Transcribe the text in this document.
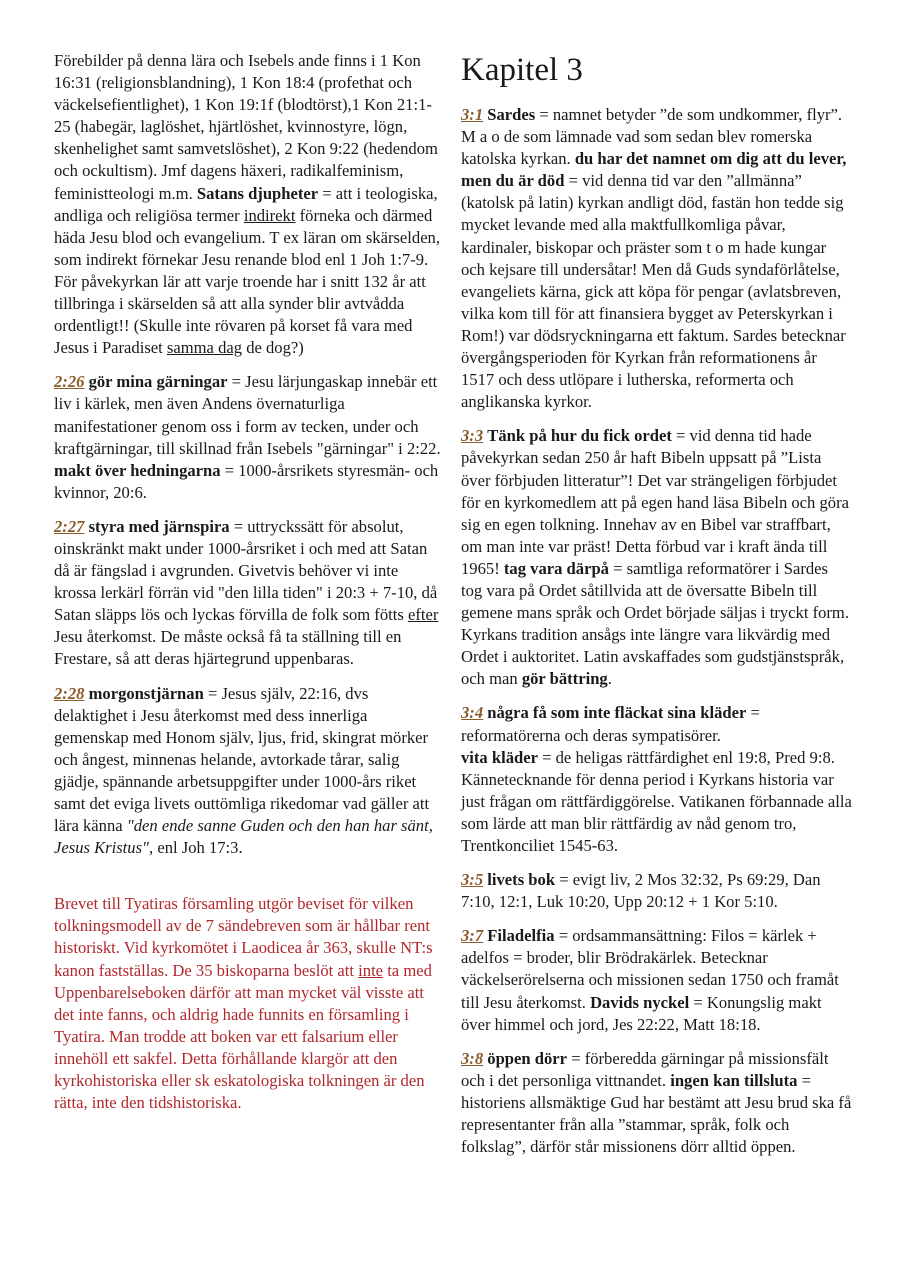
Förebilder på denna lära och Isebels ande finns i 1 Kon 16:31 (religionsblandning), 1 Kon 18:4 (profethat och väckelsefientlighet), 1 Kon 19:1f (blodtörst),1 Kon 21:1-25 (habegär, laglöshet, hjärtlöshet, kvinnostyre, lögn, skenhelighet samt samvetslöshet), 2 Kon 9:22 (hedendom och ockultism). Jmf dagens häxeri, radikalfeminism, feministteologi m.m. Satans djupheter = att i teologiska, andliga och religiösa termer indirekt förneka och därmed häda Jesu blod och evangelium. T ex läran om skärselden, som indirekt förnekar Jesu renande blod enl 1 Joh 1:7-9. För påvekyrkan lär att varje troende har i snitt 132 år att tillbringa i skärselden så att alla synder blir avtvådda ordentligt!! (Skulle inte rövaren på korset få vara med Jesus i Paradiset samma dag de dog?)

2:26 gör mina gärningar = Jesu lärjungaskap innebär ett liv i kärlek, men även Andens övernaturliga manifestationer genom oss i form av tecken, under och kraftgärningar, till skillnad från Isebels "gärningar" i 2:22. makt över hedningarna = 1000-årsrikets styresmän- och kvinnor, 20:6.

2:27 styra med järnspira = uttryckssätt för absolut, oinskränkt makt under 1000-årsriket i och med att Satan då är fängslad i avgrunden. Givetvis behöver vi inte krossa lerkärl förrän vid "den lilla tiden" i 20:3 + 7-10, då Satan släpps lös och lyckas förvilla de folk som fötts efter Jesu återkomst. De måste också få ta ställning till en Frestare, så att deras hjärtegrund uppenbaras.

2:28 morgonstjärnan = Jesus själv, 22:16, dvs delaktighet i Jesu återkomst med dess innerliga gemenskap med Honom själv, ljus, frid, skingrat mörker och ångest, minnenas helande, avtorkade tårar, salig gjädje, spännande arbetsuppgifter under 1000-års riket samt det eviga livets outtömliga rikedomar vad gäller att lära känna "den ende sanne Guden och den han har sänt, Jesus Kristus", enl Joh 17:3.

Brevet till Tyatiras församling utgör beviset för vilken tolkningsmodell av de 7 sändebreven som är hållbar rent historiskt. Vid kyrkomötet i Laodicea år 363, skulle NT:s kanon fastställas. De 35 biskoparna beslöt att inte ta med Uppenbarelseboken därför att man mycket väl visste att det inte fanns, och aldrig hade funnits en församling i Tyatira. Man trodde att boken var ett falsarium eller innehöll ett sakfel. Detta förhållande klargör att den kyrkohistoriska eller sk eskatologiska tolkningen är den rätta, inte den tidshistoriska.

Kapitel 3

3:1 Sardes = namnet betyder ”de som undkommer, flyr”. M a o de som lämnade vad som sedan blev romerska katolska kyrkan. du har det namnet om dig att du lever, men du är död = vid denna tid var den ”allmänna” (katolsk på latin) kyrkan andligt död, fastän hon tedde sig mycket levande med alla maktfullkomliga påvar, kardinaler, biskopar och präster som t o m hade kungar och kejsare till undersåtar! Men då Guds syndaförlåtelse, evangeliets kärna, gick att köpa för pengar (avlatsbreven, vilka kom till för att finansiera bygget av Peterskyrkan i Rom!) var dödsryckningarna ett faktum. Sardes betecknar övergångsperioden för Kyrkan från reformationens år 1517 och dess utlöpare i lutherska, reformerta och anglikanska kyrkor.

3:3 Tänk på hur du fick ordet = vid denna tid hade påvekyrkan sedan 250 år haft Bibeln uppsatt på ”Lista över förbjuden litteratur”! Det var strängeligen förbjudet för en kyrkomedlem att på egen hand läsa Bibeln och göra sig en egen tolkning. Innehav av en Bibel var straffbart, om man inte var präst! Detta förbud var i kraft ända till 1965! tag vara därpå = samtliga reformatörer i Sardes tog vara på Ordet såtillvida att de översatte Bibeln till gemene mans språk och Ordet började säljas i tryckt form. Kyrkans tradition ansågs inte längre vara likvärdig med Ordet i auktoritet. Latin avskaffades som gudstjänstspråk, och man gör bättring.

3:4 några få som inte fläckat sina kläder = reformatörerna och deras sympatisörer.
vita kläder = de heligas rättfärdighet enl 19:8, Pred 9:8. Kännetecknande för denna period i Kyrkans historia var just frågan om rättfärdiggörelse. Vatikanen förbannade alla som lärde att man blir rättfärdig av nåd genom tro, Trentkonciliet 1545-63.

3:5 livets bok = evigt liv, 2 Mos 32:32, Ps 69:29, Dan 7:10, 12:1, Luk 10:20, Upp 20:12 + 1 Kor 5:10.

3:7 Filadelfia = ordsammansättning: Filos = kärlek + adelfos = broder, blir Brödrakärlek. Betecknar väckelserörelserna och missionen sedan 1750 och framåt till Jesu återkomst. Davids nyckel = Konungslig makt över himmel och jord, Jes 22:22, Matt 18:18.

3:8 öppen dörr = förberedda gärningar på missionsfält och i det personliga vittnandet. ingen kan tillsluta = historiens allsmäktige Gud har bestämt att Jesu brud ska få representanter från alla ”stammar, språk, folk och folkslag”, därför står missionens dörr alltid öppen.
